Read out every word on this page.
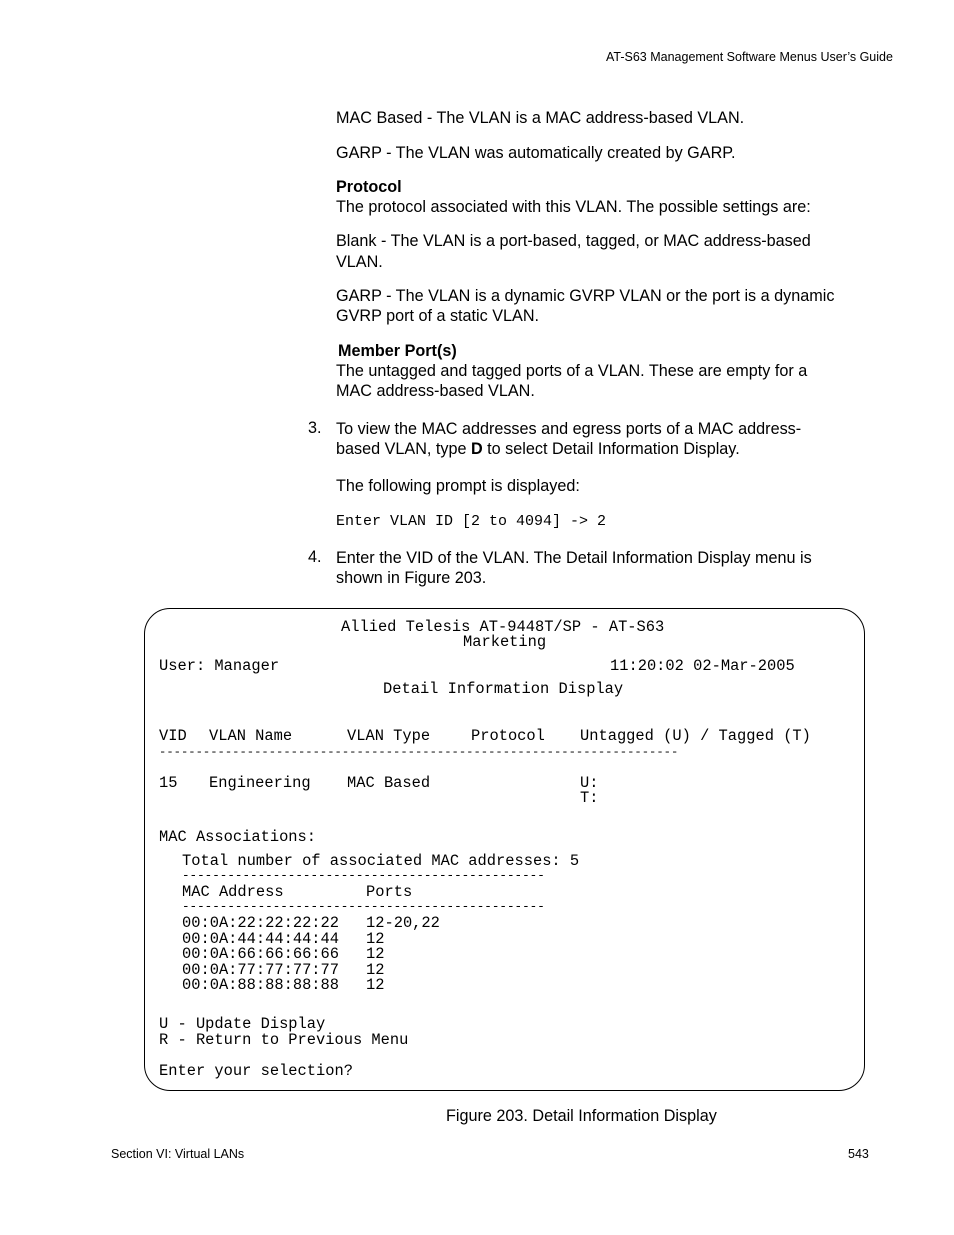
AT-S63 Management Software Menus User’s Guide
MAC Based - The VLAN is a MAC address-based VLAN.
GARP - The VLAN was automatically created by GARP.
Protocol
The protocol associated with this VLAN. The possible settings are:
Blank - The VLAN is a port-based, tagged, or MAC address-based
VLAN.
GARP - The VLAN is a dynamic GVRP VLAN or the port is a dynamic
GVRP port of a static VLAN.
Member Port(s)
The untagged and tagged ports of a VLAN. These are empty for a
MAC address-based VLAN.
3. To view the MAC addresses and egress ports of a MAC address-
based VLAN, type D to select Detail Information Display.
The following prompt is displayed:
Enter VLAN ID [2 to 4094] -> 2
4. Enter the VID of the VLAN. The Detail Information Display menu is
shown in Figure 203.
Allied Telesis AT-9448T/SP - AT-S63
Marketing
User: Manager	11:20:02 02-Mar-2005
Detail Information Display
VID VLAN Name	VLAN Type	Protocol Untagged (U) / Tagged (T)
-----------------------------------------------------------------------
15 Engineering MAC Based	U:
T:
MAC Associations:
Total number of associated MAC addresses: 5
------------------------------------------------
MAC Address	Ports
------------------------------------------------
00:0A:22:22:22:22 12-20,22
00:0A:44:44:44:44 12
00:0A:66:66:66:66 12
00:0A:77:77:77:77 12
00:0A:88:88:88:88 12
U - Update Display
R - Return to Previous Menu
Enter your selection?
Figure 203. Detail Information Display
Section VI: Virtual LANs	543
